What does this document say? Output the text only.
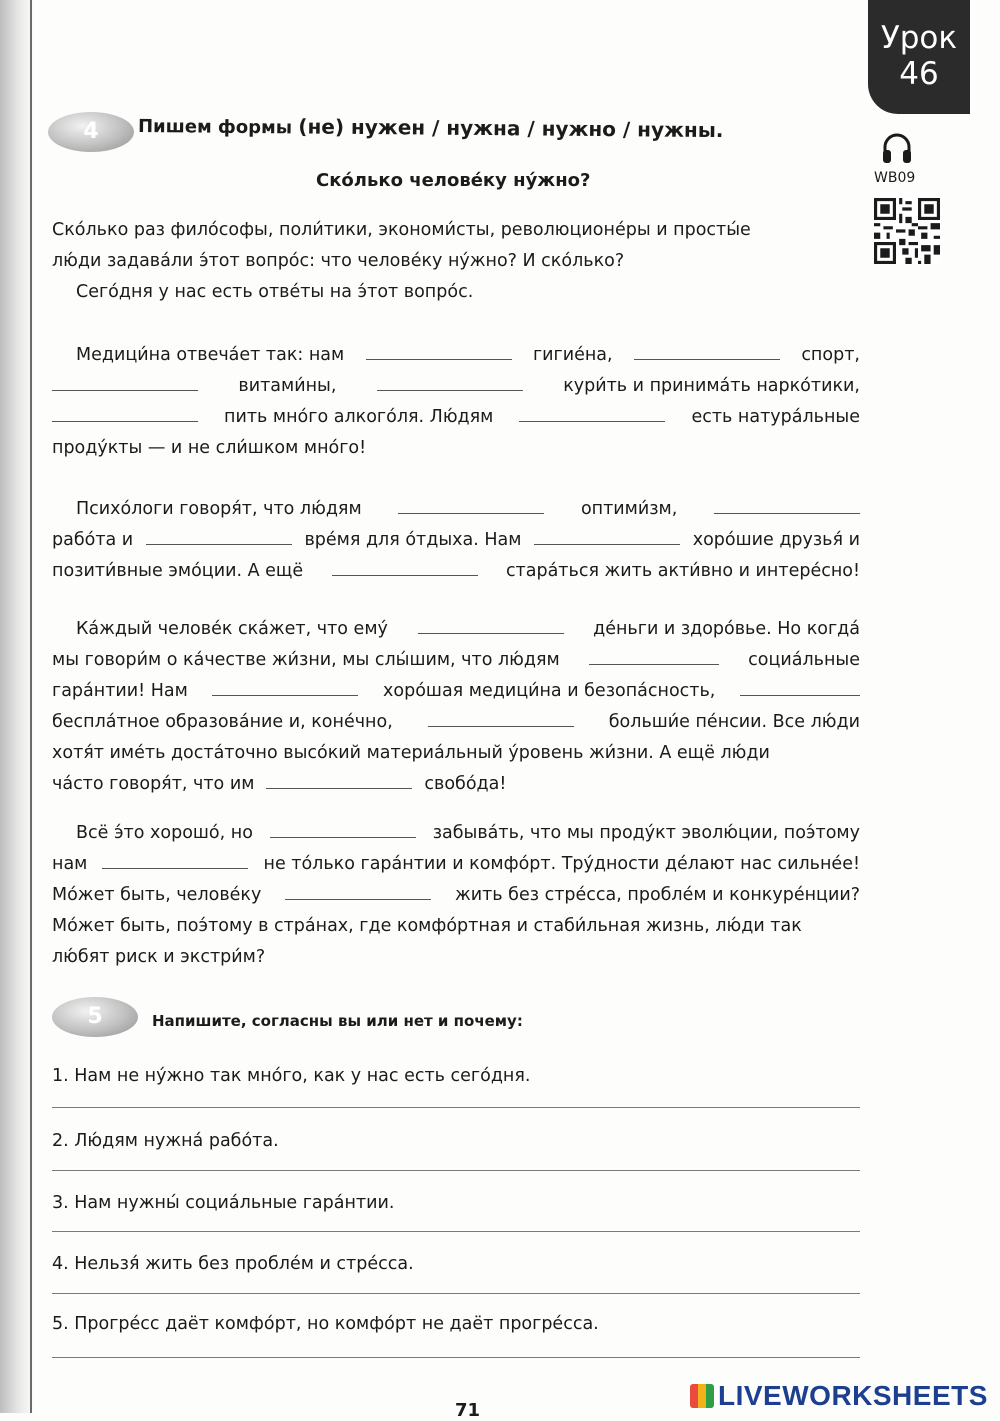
Урок
46
WB09
4	Пишем формы (не) нужен / нужна / нужно / нужны.
Ско́лько челове́ку ну́жно?
Ско́лько раз фило́софы, поли́тики, экономи́сты, революционе́ры и просты́е
лю́ди задава́ли э́тот вопро́с: что челове́ку ну́жно? И ско́лько?
Сего́дня у нас есть отве́ты на э́тот вопро́с.
Медици́на отвеча́ет так: нам	гигие́на,	спорт,
витами́ны,	кури́ть и принима́ть нарко́тики,
пить мно́го алкого́ля. Лю́дям	есть натура́льные
проду́кты — и не сли́шком мно́го!
Психо́логи говоря́т, что лю́дям	оптими́зм,
рабо́та и	вре́мя для о́тдыха. Нам	хоро́шие друзья́ и
позити́вные эмо́ции. А ещё	стара́ться жить акти́вно и интере́сно!
Ка́ждый челове́к ска́жет, что ему́	де́ньги и здоро́вье. Но когда́
мы говори́м о ка́честве жи́зни, мы слы́шим, что лю́дям	социа́льные
гара́нтии! Нам	хоро́шая медици́на и безопа́сность,
беспла́тное образова́ние и, коне́чно,	больши́е пе́нсии. Все лю́ди
хотя́т име́ть доста́точно высо́кий материа́льный у́ровень жи́зни. А ещё лю́ди
ча́сто говоря́т, что им	свобо́да!
Всё э́то хорошо́, но	забыва́ть, что мы проду́кт эволю́ции, поэ́тому
нам	не то́лько гара́нтии и комфо́рт. Тру́дности де́лают нас сильне́е!
Мо́жет быть, челове́ку	жить без стре́сса, пробле́м и конкуре́нции?
Мо́жет быть, поэ́тому в стра́нах, где комфо́ртная и стаби́льная жизнь, лю́ди так
лю́бят риск и экстри́м?
5	Напишите, согласны вы или нет и почему:
1. Нам не ну́жно так мно́го, как у нас есть сего́дня.
2. Лю́дям нужна́ рабо́та.
3. Нам нужны́ социа́льные гара́нтии.
4. Нельзя́ жить без пробле́м и стре́сса.
5. Прогре́сс даёт комфо́рт, но комфо́рт не даёт прогре́сса.
71	LIVEWORKSHEETS
